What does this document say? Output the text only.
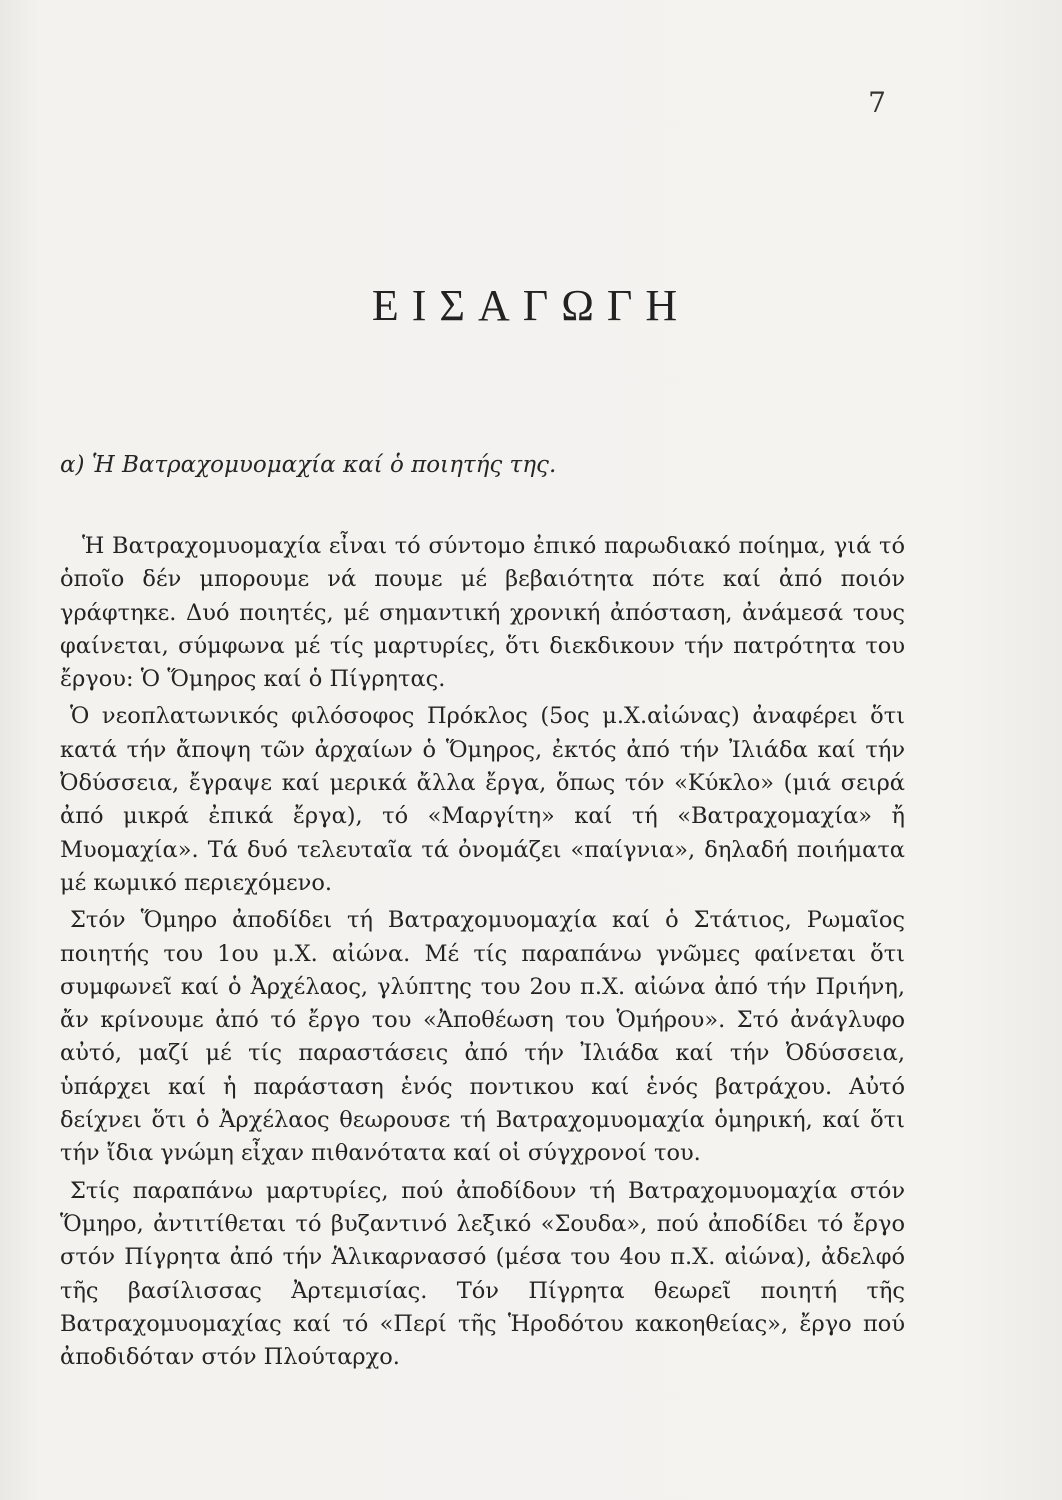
⠀
⠀
⠀
⠀
⠀
⠀
⠀
⠀
⠀
⠀
⠀
⠀
⠀
⠀
⠀
⠀
⠀
⠀
⠀
⠀
⠀
⠀
⠀
⠀
⠀
⠀
⠀
⠀
⠀
⠀
⠀
⠀
⠀
⠀
⠀
⠀
⠀
7
ΕΙΣΑΓΩΓΗ
α) Ἡ Βατραχομυομαχία καί ὁ ποιητής της.

Ἡ Βατραχομυομαχία εἶναι τό σύντομο ἐπικό παρωδιακό ποίημα, γιά τό ὁποῖο δέν μπορουμε νά πουμε μέ βεβαιότητα πότε καί ἀπό ποιόν γράφτηκε. Δυό ποιητές, μέ σημαντική χρονική ἀπόσταση, ἀνάμεσά τους φαίνεται, σύμφωνα μέ τίς μαρτυρίες, ὅτι διεκδικουν τήν πατρότητα του ἔργου: Ὁ Ὅμηρος καί ὁ Πίγρητας.

Ὁ νεοπλατωνικός φιλόσοφος Πρόκλος (5ος μ.Χ.αἰώνας) ἀναφέρει ὅτι κατά τήν ἄποψη τῶν ἀρχαίων ὁ Ὅμηρος, ἐκτός ἀπό τήν Ἰλιάδα καί τήν Ὀδύσσεια, ἔγραψε καί μερικά ἄλλα ἔργα, ὅπως τόν «Κύκλο» (μιά σειρά ἀπό μικρά ἐπικά ἔργα), τό «Μαργίτη» καί τή «Βατραχομαχία» ἤ Μυομαχία». Τά δυό τελευταῖα τά ὀνομάζει «παίγνια», δηλαδή ποιήματα μέ κωμικό περιεχόμενο.

Στόν Ὅμηρο ἀποδίδει τή Βατραχομυομαχία καί ὁ Στάτιος, Ρωμαῖος ποιητής του 1ου μ.Χ. αἰώνα. Μέ τίς παραπάνω γνῶμες φαίνεται ὅτι συμφωνεῖ καί ὁ Ἀρχέλαος, γλύπτης του 2ου π.Χ. αἰώνα ἀπό τήν Πριήνη, ἄν κρίνουμε ἀπό τό ἔργο του «Ἀποθέωση του Ὁμήρου». Στό ἀνάγλυφο αὐτό, μαζί μέ τίς παραστάσεις ἀπό τήν Ἰλιάδα καί τήν Ὀδύσσεια, ὑπάρχει καί ἡ παράσταση ἑνός ποντικου καί ἑνός βατράχου. Αὐτό δείχνει ὅτι ὁ Ἀρχέλαος θεωρουσε τή Βατραχομυομαχία ὁμηρική, καί ὅτι τήν ἴδια γνώμη εἶχαν πιθανότατα καί οἱ σύγχρονοί του.

Στίς παραπάνω μαρτυρίες, πού ἀποδίδουν τή Βατραχομυομαχία στόν Ὅμηρο, ἀντιτίθεται τό βυζαντινό λεξικό «Σουδα», πού ἀποδίδει τό ἔργο στόν Πίγρητα ἀπό τήν Ἁλικαρνασσό (μέσα του 4ου π.Χ. αἰώνα), ἀδελφό τῆς βασίλισσας Ἀρτεμισίας. Τόν Πίγρητα θεωρεῖ ποιητή τῆς Βατραχομυομαχίας καί τό «Περί τῆς Ἡροδότου κακοηθείας», ἔργο πού ἀποδιδόταν στόν Πλούταρχο.
